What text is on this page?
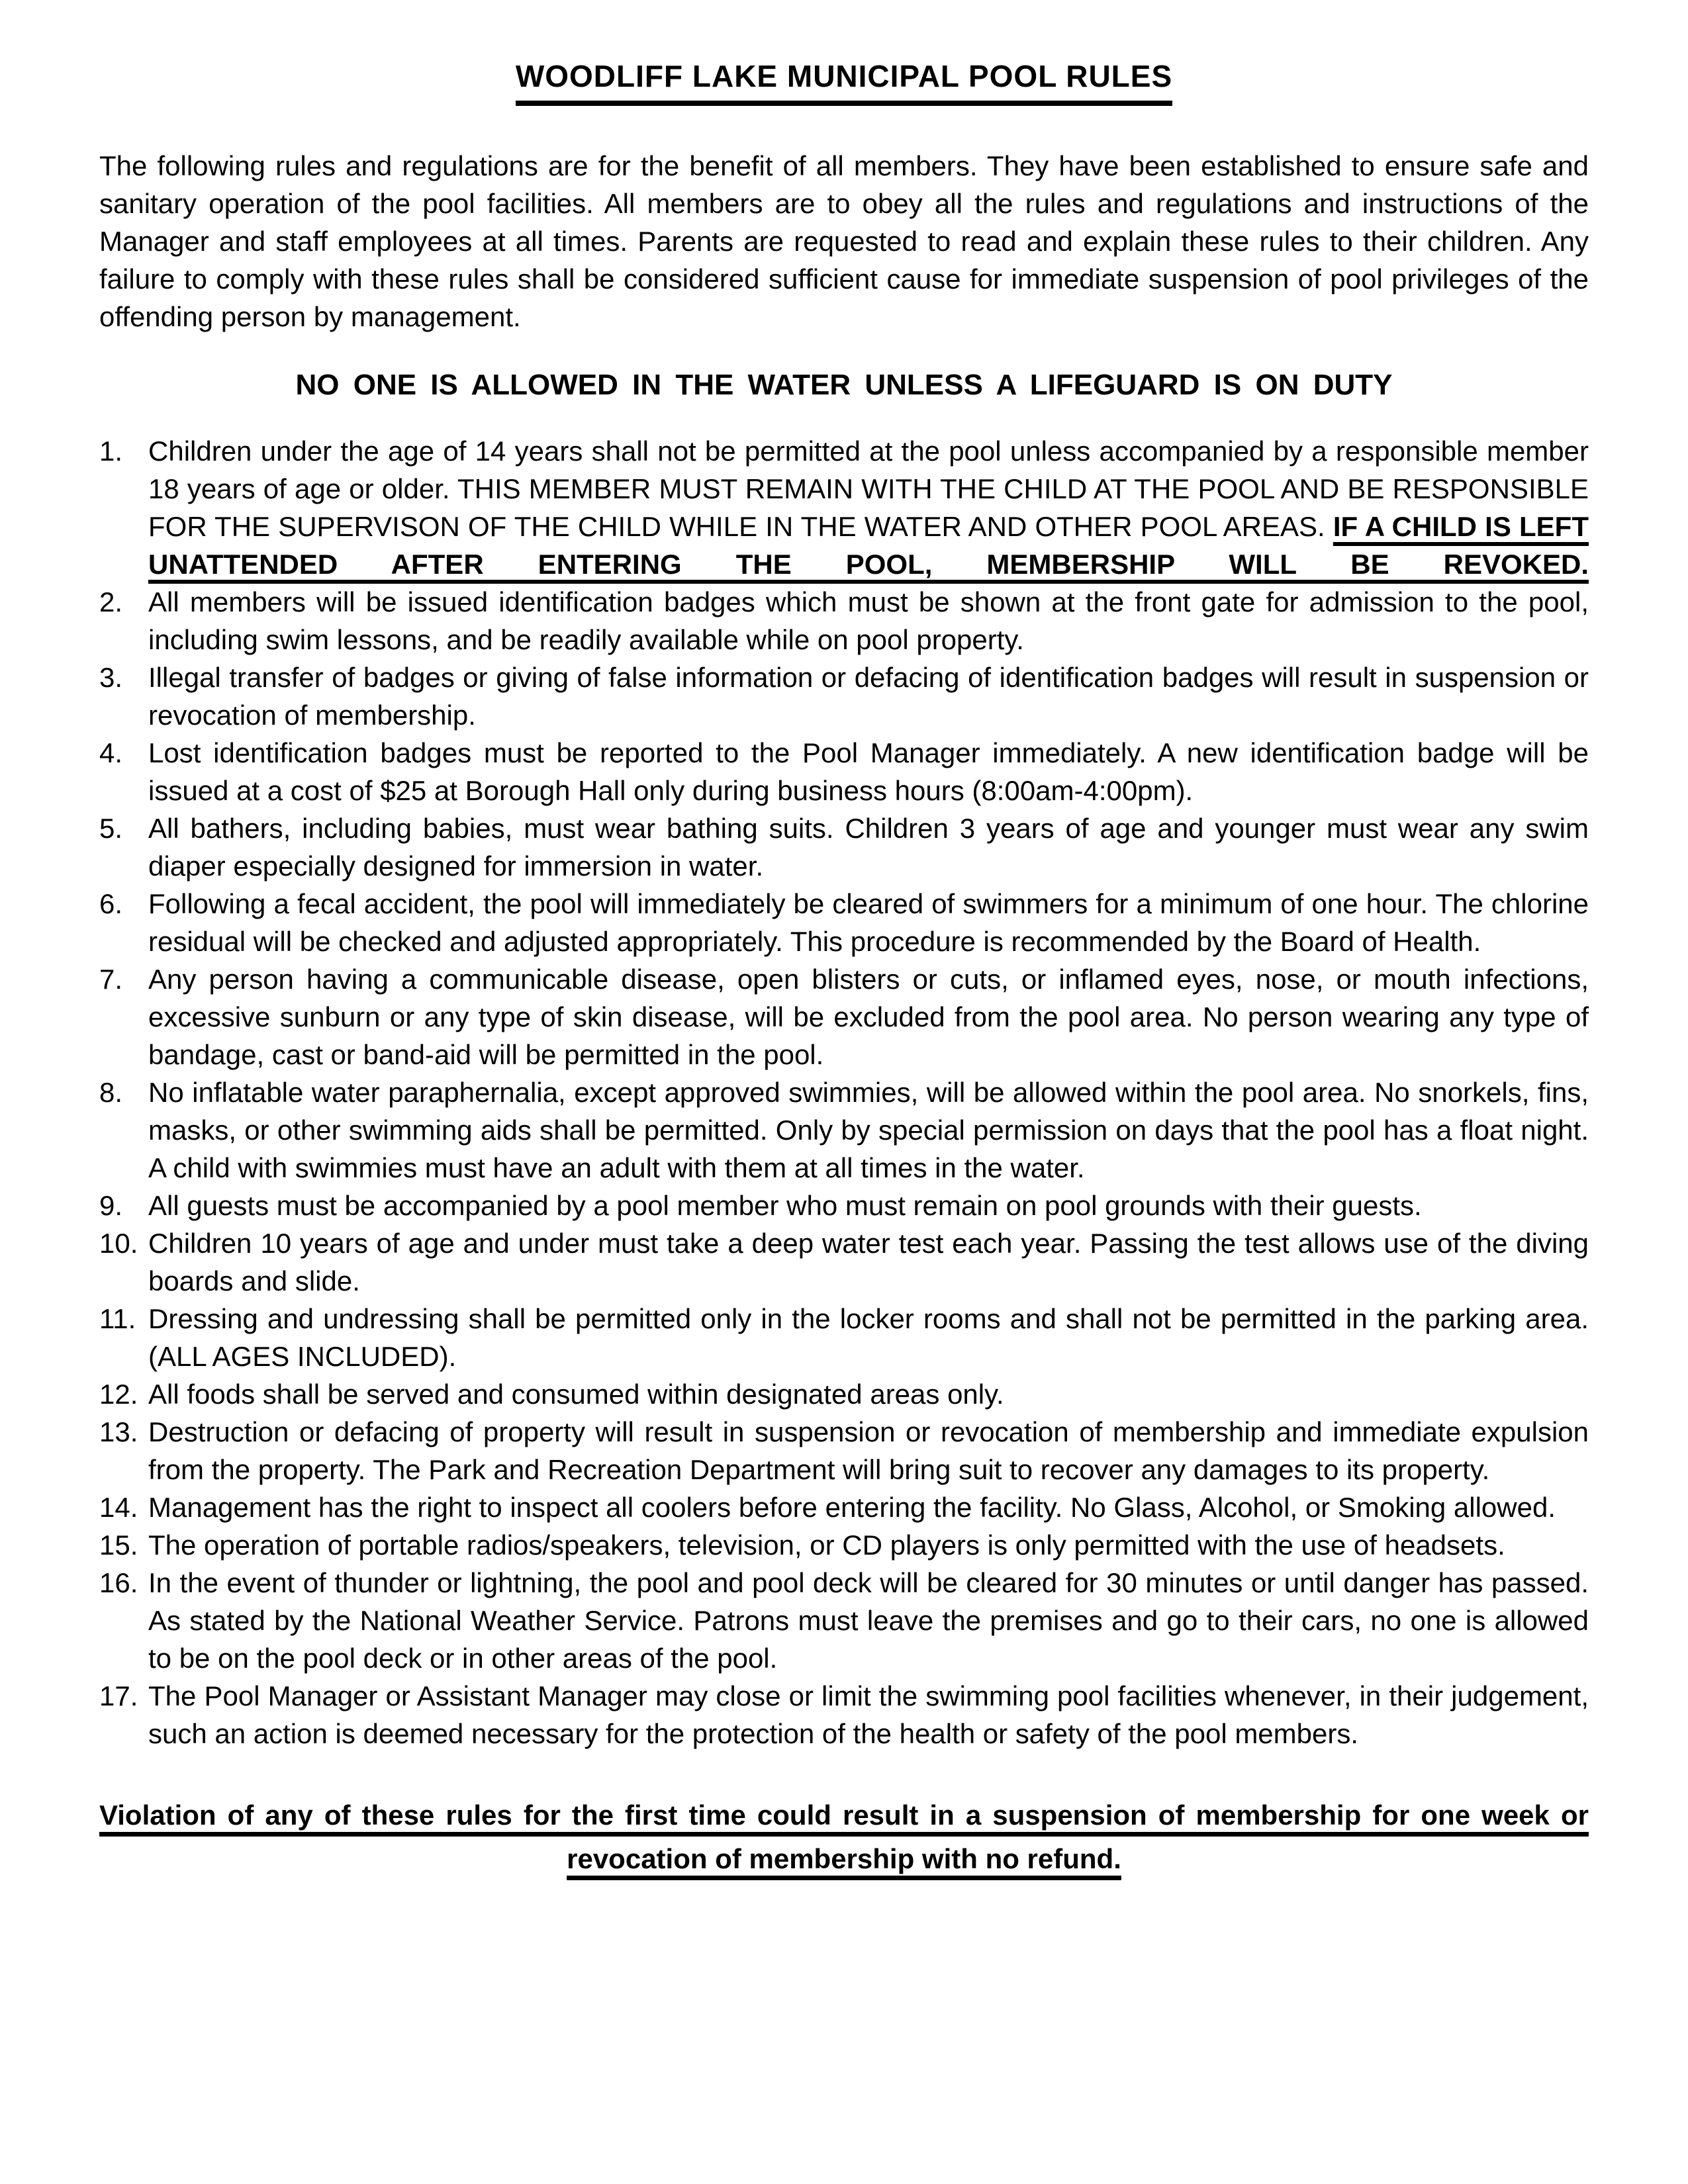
WOODLIFF LAKE MUNICIPAL POOL RULES

The following rules and regulations are for the benefit of all members. They have been established to ensure safe and sanitary operation of the pool facilities. All members are to obey all the rules and regulations and instructions of the Manager and staff employees at all times. Parents are requested to read and explain these rules to their children. Any failure to comply with these rules shall be considered sufficient cause for immediate suspension of pool privileges of the offending person by management.

NO ONE IS ALLOWED IN THE WATER UNLESS A LIFEGUARD IS ON DUTY
1. Children under the age of 14 years shall not be permitted at the pool unless accompanied by a responsible member 18 years of age or older. THIS MEMBER MUST REMAIN WITH THE CHILD AT THE POOL AND BE RESPONSIBLE FOR THE SUPERVISON OF THE CHILD WHILE IN THE WATER AND OTHER POOL AREAS. IF A CHILD IS LEFT UNATTENDED AFTER ENTERING THE POOL, MEMBERSHIP WILL BE REVOKED.
2. All members will be issued identification badges which must be shown at the front gate for admission to the pool, including swim lessons, and be readily available while on pool property.
3. Illegal transfer of badges or giving of false information or defacing of identification badges will result in suspension or revocation of membership.
4. Lost identification badges must be reported to the Pool Manager immediately. A new identification badge will be issued at a cost of $25 at Borough Hall only during business hours (8:00am-4:00pm).
5. All bathers, including babies, must wear bathing suits. Children 3 years of age and younger must wear any swim diaper especially designed for immersion in water.
6. Following a fecal accident, the pool will immediately be cleared of swimmers for a minimum of one hour. The chlorine residual will be checked and adjusted appropriately. This procedure is recommended by the Board of Health.
7. Any person having a communicable disease, open blisters or cuts, or inflamed eyes, nose, or mouth infections, excessive sunburn or any type of skin disease, will be excluded from the pool area. No person wearing any type of bandage, cast or band-aid will be permitted in the pool.
8. No inflatable water paraphernalia, except approved swimmies, will be allowed within the pool area. No snorkels, fins, masks, or other swimming aids shall be permitted. Only by special permission on days that the pool has a float night. A child with swimmies must have an adult with them at all times in the water.
9. All guests must be accompanied by a pool member who must remain on pool grounds with their guests.
10. Children 10 years of age and under must take a deep water test each year. Passing the test allows use of the diving boards and slide.
11. Dressing and undressing shall be permitted only in the locker rooms and shall not be permitted in the parking area. (ALL AGES INCLUDED).
12. All foods shall be served and consumed within designated areas only.
13. Destruction or defacing of property will result in suspension or revocation of membership and immediate expulsion from the property. The Park and Recreation Department will bring suit to recover any damages to its property.
14. Management has the right to inspect all coolers before entering the facility. No Glass, Alcohol, or Smoking allowed.
15. The operation of portable radios/speakers, television, or CD players is only permitted with the use of headsets.
16. In the event of thunder or lightning, the pool and pool deck will be cleared for 30 minutes or until danger has passed. As stated by the National Weather Service. Patrons must leave the premises and go to their cars, no one is allowed to be on the pool deck or in other areas of the pool.
17. The Pool Manager or Assistant Manager may close or limit the swimming pool facilities whenever, in their judgement, such an action is deemed necessary for the protection of the health or safety of the pool members.

Violation of any of these rules for the first time could result in a suspension of membership for one week or
revocation of membership with no refund.
